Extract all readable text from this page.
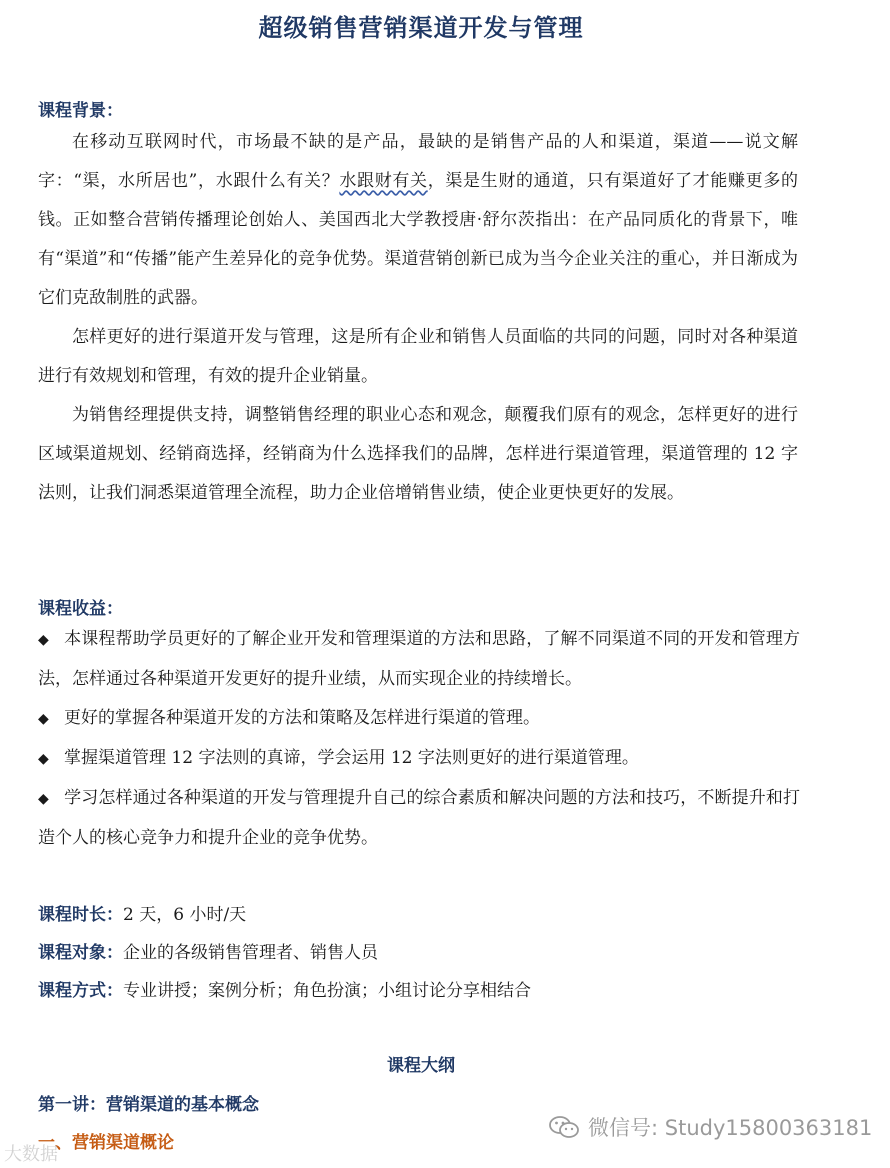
超级销售营销渠道开发与管理
课程背景：

在移动互联网时代，市场最不缺的是产品，最缺的是销售产品的人和渠道，渠道——说文解字：“渠，水所居也”，水跟什么有关？水跟财有关，渠是生财的通道，只有渠道好了才能赚更多的钱。正如整合营销传播理论创始人、美国西北大学教授唐·舒尔茨指出：在产品同质化的背景下，唯有“渠道”和“传播”能产生差异化的竞争优势。渠道营销创新已成为当今企业关注的重心，并日渐成为它们克敌制胜的武器。

怎样更好的进行渠道开发与管理，这是所有企业和销售人员面临的共同的问题，同时对各种渠道进行有效规划和管理，有效的提升企业销量。

为销售经理提供支持，调整销售经理的职业心态和观念，颠覆我们原有的观念，怎样更好的进行区域渠道规划、经销商选择，经销商为什么选择我们的品牌，怎样进行渠道管理，渠道管理的 12 字法则，让我们洞悉渠道管理全流程，助力企业倍增销售业绩，使企业更快更好的发展。

课程收益：
◆ 本课程帮助学员更好的了解企业开发和管理渠道的方法和思路，了解不同渠道不同的开发和管理方法，怎样通过各种渠道开发更好的提升业绩，从而实现企业的持续增长。
◆ 更好的掌握各种渠道开发的方法和策略及怎样进行渠道的管理。
◆ 掌握渠道管理 12 字法则的真谛，学会运用 12 字法则更好的进行渠道管理。
◆ 学习怎样通过各种渠道的开发与管理提升自己的综合素质和解决问题的方法和技巧，不断提升和打造个人的核心竞争力和提升企业的竞争优势。
课程时长：2 天，6 小时/天
课程对象：企业的各级销售管理者、销售人员
课程方式：专业讲授；案例分析；角色扮演；小组讨论分享相结合
课程大纲
第一讲：营销渠道的基本概念
一、营销渠道概论
大数据
微信号: Study15800363181
